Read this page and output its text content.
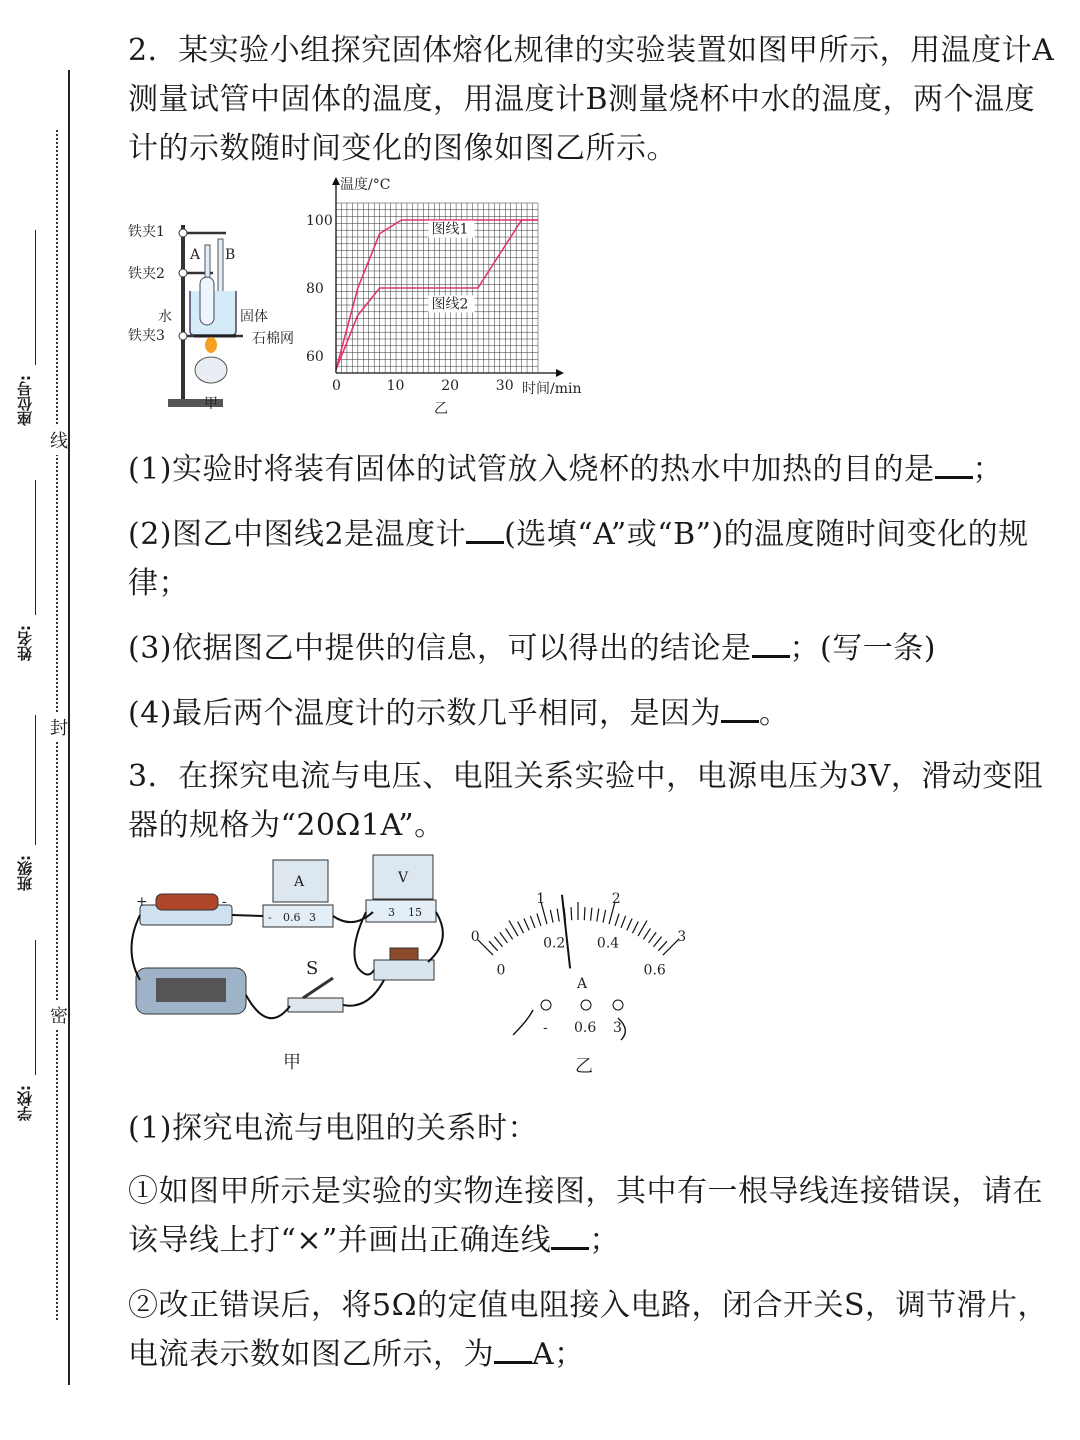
座位号:
姓名:
班级:
学校:
线
封
密

2．某实验小组探究固体熔化规律的实验装置如图甲所示，用温度计A测量试管中固体的温度，用温度计B测量烧杯中水的温度，两个温度计的示数随时间变化的图像如图乙所示。

铁夹1
铁夹2
铁夹3
A B
水	固体
石棉网
甲
图线1
图线2
温度/°C
时间/min
乙
0	10	20	30
60
80
100

(1)实验时将装有固体的试管放入烧杯的热水中加热的目的是 ；

(2)图乙中图线2是温度计 (选填“A”或“B”)的温度随时间变化的规律；

(3)依据图乙中提供的信息，可以得出的结论是 ；(写一条)

(4)最后两个温度计的示数几乎相同，是因为 。

3．在探究电流与电压、电阻关系实验中，电源电压为3V，滑动变阻器的规格为“20Ω1A”。

+	-
A
- 0.6 3
V
- 3 15
S
甲
0
1	2
3
0
0.2 0.4
0.6
A
- 0.6 3
乙

(1)探究电流与电阻的关系时：

①如图甲所示是实验的实物连接图，其中有一根导线连接错误，请在该导线上打“×”并画出正确连线 ；

②改正错误后，将5Ω的定值电阻接入电路，闭合开关S，调节滑片，电流表示数如图乙所示，为 A；
